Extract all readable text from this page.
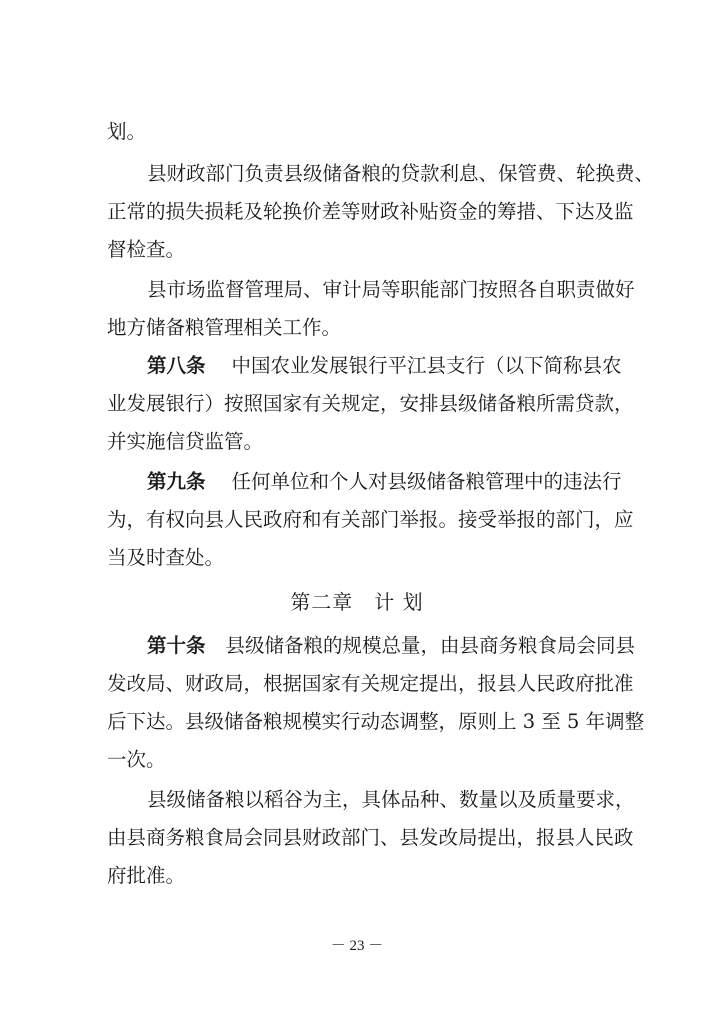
划。
县财政部门负责县级储备粮的贷款利息、保管费、轮换费、
正常的损失损耗及轮换价差等财政补贴资金的筹措、下达及监
督检查。
县市场监督管理局、审计局等职能部门按照各自职责做好
地方储备粮管理相关工作。
第八条 中国农业发展银行平江县支行（以下简称县农
业发展银行）按照国家有关规定，安排县级储备粮所需贷款，
并实施信贷监管。
第九条 任何单位和个人对县级储备粮管理中的违法行
为，有权向县人民政府和有关部门举报。接受举报的部门，应
当及时查处。
第二章　计 划
第十条 县级储备粮的规模总量，由县商务粮食局会同县
发改局、财政局，根据国家有关规定提出，报县人民政府批准
后下达。县级储备粮规模实行动态调整，原则上 3 至 5 年调整
一次。
县级储备粮以稻谷为主，具体品种、数量以及质量要求，
由县商务粮食局会同县财政部门、县发改局提出，报县人民政
府批准。
－ 23 －
